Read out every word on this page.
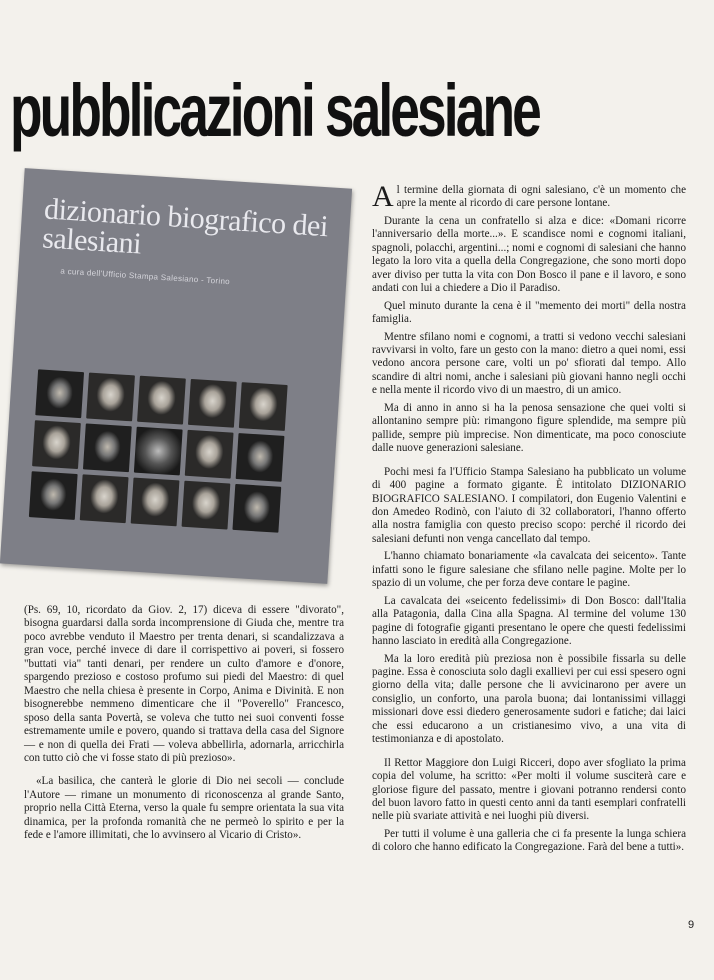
pubblicazioni salesiane
dizionario biografico dei salesiani
a cura dell'Ufficio Stampa Salesiano - Torino

Al termine della giornata di ogni salesiano, c'è un momento che apre la mente al ricordo di care persone lontane.

Durante la cena un confratello si alza e dice: «Domani ricorre l'anniversario della morte...». E scandisce nomi e cognomi italiani, spagnoli, polacchi, argentini...; nomi e cognomi di salesiani che hanno legato la loro vita a quella della Congregazione, che sono morti dopo aver diviso per tutta la vita con Don Bosco il pane e il lavoro, e sono andati con lui a chiedere a Dio il Paradiso.

Quel minuto durante la cena è il "memento dei morti" della nostra famiglia.

Mentre sfilano nomi e cognomi, a tratti si vedono vecchi salesiani ravvivarsi in volto, fare un gesto con la mano: dietro a quei nomi, essi vedono ancora persone care, volti un po' sfiorati dal tempo. Allo scandire di altri nomi, anche i salesiani più giovani hanno negli occhi e nella mente il ricordo vivo di un maestro, di un amico.

Ma di anno in anno si ha la penosa sensazione che quei volti si allontanino sempre più: rimangono figure splendide, ma sempre più pallide, sempre più imprecise. Non dimenticate, ma poco conosciute dalle nuove generazioni salesiane.

Pochi mesi fa l'Ufficio Stampa Salesiano ha pubblicato un volume di 400 pagine a formato gigante. È intitolato DIZIONARIO BIOGRAFICO SALESIANO. I compilatori, don Eugenio Valentini e don Amedeo Rodinò, con l'aiuto di 32 collaboratori, l'hanno offerto alla nostra famiglia con questo preciso scopo: perché il ricordo dei salesiani defunti non venga cancellato dal tempo.

L'hanno chiamato bonariamente «la cavalcata dei seicento». Tante infatti sono le figure salesiane che sfilano nelle pagine. Molte per lo spazio di un volume, che per forza deve contare le pagine.

La cavalcata dei «seicento fedelissimi» di Don Bosco: dall'Italia alla Patagonia, dalla Cina alla Spagna. Al termine del volume 130 pagine di fotografie giganti presentano le opere che questi fedelissimi hanno lasciato in eredità alla Congregazione.

Ma la loro eredità più preziosa non è possibile fissarla su delle pagine. Essa è conosciuta solo dagli exallievi per cui essi spesero ogni giorno della vita; dalle persone che li avvicinarono per avere un consiglio, un conforto, una parola buona; dai lontanissimi villaggi missionari dove essi diedero generosamente sudori e fatiche; dai laici che essi educarono a un cristianesimo vivo, a una vita di testimonianza e di apostolato.

Il Rettor Maggiore don Luigi Ricceri, dopo aver sfogliato la prima copia del volume, ha scritto: «Per molti il volume susciterà care e gloriose figure del passato, mentre i giovani potranno rendersi conto del buon lavoro fatto in questi cento anni da tanti esemplari confratelli nelle più svariate attività e nei luoghi più diversi.

Per tutti il volume è una galleria che ci fa presente la lunga schiera di coloro che hanno edificato la Congregazione. Farà del bene a tutti».

(Ps. 69, 10, ricordato da Giov. 2, 17) diceva di essere "divorato", bisogna guardarsi dalla sorda incomprensione di Giuda che, mentre tra poco avrebbe venduto il Maestro per trenta denari, si scandalizzava a gran voce, perché invece di dare il corrispettivo ai poveri, si fossero "buttati via" tanti denari, per rendere un culto d'amore e d'onore, spargendo prezioso e costoso profumo sui piedi del Maestro: di quel Maestro che nella chiesa è presente in Corpo, Anima e Divinità. E non bisognerebbe nemmeno dimenticare che il "Poverello" Francesco, sposo della santa Povertà, se voleva che tutto nei suoi conventi fosse estremamente umile e povero, quando si trattava della casa del Signore — e non di quella dei Frati — voleva abbellirla, adornarla, arricchirla con tutto ciò che vi fosse stato di più prezioso».

«La basilica, che canterà le glorie di Dio nei secoli — conclude l'Autore — rimane un monumento di riconoscenza al grande Santo, proprio nella Città Eterna, verso la quale fu sempre orientata la sua vita dinamica, per la profonda romanità che ne permeò lo spirito e per la fede e l'amore illimitati, che lo avvinsero al Vicario di Cristo».

9
